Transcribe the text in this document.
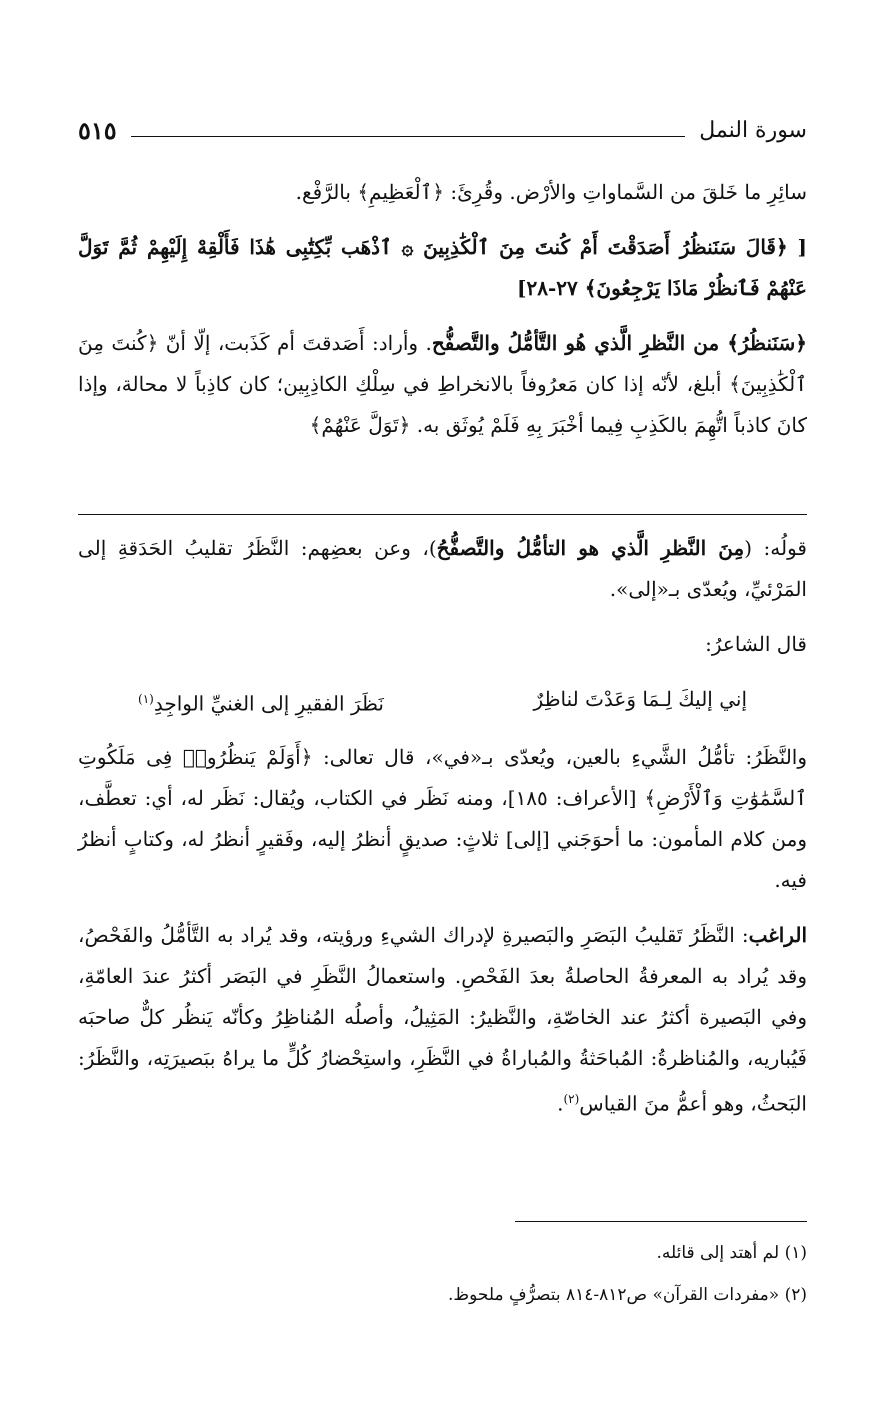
سورة النمل
٥١٥

سائِرِ ما خَلقَ من السَّماواتِ والأرْض. وقُرِئَ: ﴿ٱلْعَظِيمِ﴾ بالرَّفْع.

[ ﴿قَالَ سَنَنظُرُ أَصَدَقْتَ أَمْ كُنتَ مِنَ ٱلْكَٰذِبِينَ ۞ ٱذْهَب بِّكِتَٰبِى هَٰذَا فَأَلْقِهْ إِلَيْهِمْ ثُمَّ تَوَلَّ عَنْهُمْ فَٱنظُرْ مَاذَا يَرْجِعُونَ﴾ ٢٧-٢٨]

﴿سَنَنظُرُ﴾ من النَّظرِ الَّذي هُو التَّأمُّلُ والتَّصفُّح. وأراد: أَصَدقتَ أم كَذَبت، إلّا أنّ ﴿كُنتَ مِنَ ٱلْكَٰذِبِينَ﴾ أبلغ، لأنّه إذا كان مَعرُوفاً بالانخراطِ في سِلْكِ الكاذِبِين؛ كان كاذِباً لا محالة، وإذا كانَ كاذباً اتُّهِمَ بالكَذِبِ فِيما أخْبَرَ بِهِ فَلَمْ يُوثَق به. ﴿تَوَلَّ عَنْهُمْ﴾

قولُه: (مِنَ النَّظرِ الَّذي هو التأمُّلُ والتَّصفُّحُ)، وعن بعضِهم: النَّظَرُ تقليبُ الحَدَقةِ إلى المَرْئيِّ، ويُعدّى بـ«إلى».

قال الشاعرُ:

إني إليكَ لِـمَا وَعَدْتَ لناظِرٌ
نَظَرَ الفقيرِ إلى الغنيِّ الواجِدِ$^{(١)}$

والنَّظَرُ: تأمُّلُ الشَّيءِ بالعين، ويُعدّى بـ«في»، قال تعالى: ﴿أَوَلَمْ يَنظُرُوا۟ فِى مَلَكُوتِ ٱلسَّمَٰوَٰتِ وَٱلْأَرْضِ﴾ [الأعراف: ١٨٥]، ومنه نَظَر في الكتاب، ويُقال: نَظَر له، أي: تعطَّف، ومن كلام المأمون: ما أحوَجَني [إلى] ثلاثٍ: صديقٍ أنظرُ إليه، وفَقيرٍ أنظرُ له، وكتابٍ أنظرُ فيه.

الراغب: النَّظَرُ تَقليبُ البَصَرِ والبَصيرةِ لإدراك الشيءِ ورؤيته، وقد يُراد به التَّأمُّلُ والفَحْصُ، وقد يُراد به المعرفةُ الحاصلةُ بعدَ الفَحْصِ. واستعمالُ النَّظَرِ في البَصَر أكثرُ عندَ العامّةِ، وفي البَصيرة أكثرُ عند الخاصّةِ، والنَّظيرُ: المَثِيلُ، وأصلُه المُناظِرُ وكأنّه يَنظُر كلٌّ صاحبَه فَيُباريه، والمُناظرةُ: المُباحَثةُ والمُباراةُ في النَّظَرِ، واستِحْضارُ كُلٍّ ما يراهُ ببَصيرَتِه، والنَّظَرُ: البَحثُ، وهو أعمُّ منَ القياس$^{(٢)}$.

(١) لم أهتد إلى قائله.

(٢) «مفردات القرآن» ص٨١٢-٨١٤ بتصرُّفٍ ملحوظ.
